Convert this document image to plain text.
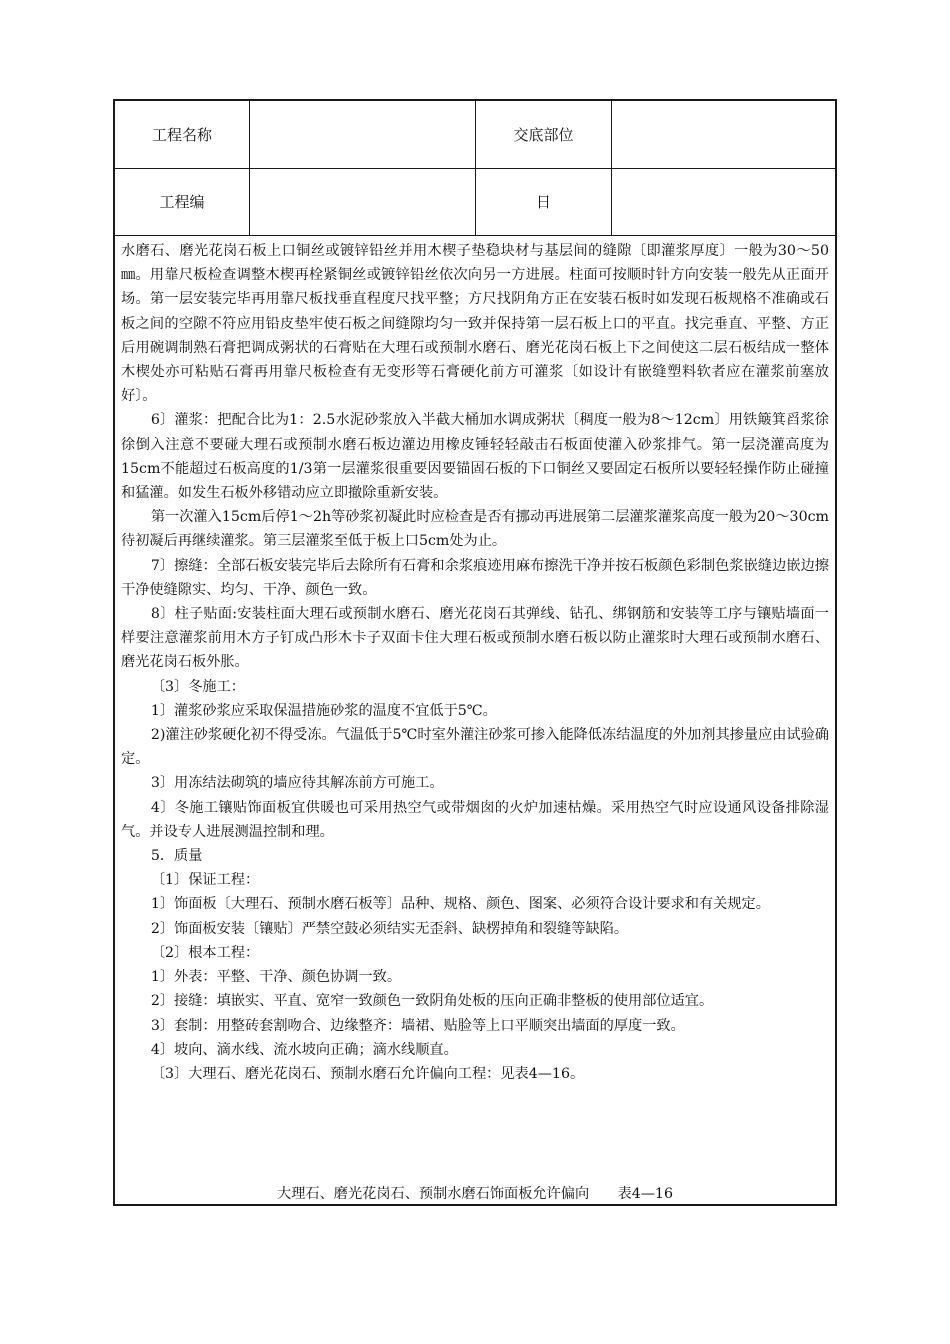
工程名称	交底部位
工程编	日

水磨石、磨光花岗石板上口铜丝或镀锌铅丝并用木楔子垫稳块材与基层间的缝隙〔即灌浆厚度〕一般为30～50㎜。用靠尺板检查调整木楔再栓紧铜丝或镀锌铅丝依次向另一方进展。柱面可按顺时针方向安装一般先从正面开场。第一层安装完毕再用靠尺板找垂直程度尺找平整；方尺找阴角方正在安装石板时如发现石板规格不准确或石板之间的空隙不符应用铅皮垫牢使石板之间缝隙均匀一致并保持第一层石板上口的平直。找完垂直、平整、方正后用碗调制熟石膏把调成粥状的石膏贴在大理石或预制水磨石、磨光花岗石板上下之间使这二层石板结成一整体木楔处亦可粘贴石膏再用靠尺板检查有无变形等石膏硬化前方可灌浆〔如设计有嵌缝塑料软者应在灌浆前塞放好〕。

6〕灌浆：把配合比为1：2.5水泥砂浆放入半截大桶加水调成粥状〔稠度一般为8～12cm〕用铁簸箕舀浆徐徐倒入注意不要碰大理石或预制水磨石板边灌边用橡皮锤轻轻敲击石板面使灌入砂浆排气。第一层浇灌高度为15cm不能超过石板高度的1/3第一层灌浆很重要因要锚固石板的下口铜丝又要固定石板所以要轻轻操作防止碰撞和猛灌。如发生石板外移错动应立即撤除重新安装。

第一次灌入15cm后停1～2h等砂浆初凝此时应检查是否有挪动再进展第二层灌浆灌浆高度一般为20～30cm待初凝后再继续灌浆。第三层灌浆至低于板上口5cm处为止。

7〕擦缝：全部石板安装完毕后去除所有石膏和余浆痕迹用麻布擦洗干净并按石板颜色彩制色浆嵌缝边嵌边擦干净使缝隙实、均匀、干净、颜色一致。

8〕柱子贴面:安装柱面大理石或预制水磨石、磨光花岗石其弹线、钻孔、绑钢筋和安装等工序与镶贴墙面一样要注意灌浆前用木方子钉成凸形木卡子双面卡住大理石板或预制水磨石板以防止灌浆时大理石或预制水磨石、磨光花岗石板外胀。

〔3〕冬施工：

1〕灌浆砂浆应采取保温措施砂浆的温度不宜低于5℃。

2)灌注砂浆硬化初不得受冻。气温低于5℃时室外灌注砂浆可掺入能降低冻结温度的外加剂其掺量应由试验确定。

3〕用冻结法砌筑的墙应待其解冻前方可施工。

4〕冬施工镶贴饰面板宜供暖也可采用热空气或带烟囱的火炉加速枯燥。采用热空气时应设通风设备排除湿气。并设专人进展测温控制和理。

5．质量

〔1〕保证工程：

1〕饰面板〔大理石、预制水磨石板等〕品种、规格、颜色、图案、必须符合设计要求和有关规定。

2〕饰面板安装〔镶贴〕严禁空鼓必须结实无歪斜、缺楞掉角和裂缝等缺陷。

〔2〕根本工程：

1〕外表：平整、干净、颜色协调一致。

2〕接缝：填嵌实、平直、宽窄一致颜色一致阴角处板的压向正确非整板的使用部位适宜。

3〕套制：用整砖套割吻合、边缘整齐：墙裙、贴脸等上口平顺突出墙面的厚度一致。

4〕坡向、滴水线、流水坡向正确；滴水线顺直。

〔3〕大理石、磨光花岗石、预制水磨石允许偏向工程：见表4—16。

大理石、磨光花岗石、预制水磨石饰面板允许偏向　　表4—16
